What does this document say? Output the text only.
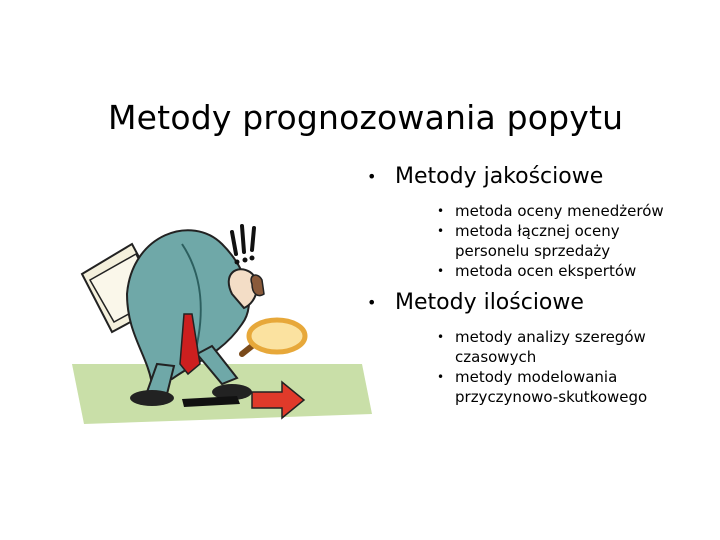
Metody prognozowania popytu
• Metody jakościowe
• metoda oceny menedżerów
• metoda łącznej oceny personelu sprzedaży
• metoda ocen ekspertów
• Metody ilościowe
• metody analizy szeregów czasowych
• metody modelowania przyczynowo-skutkowego
